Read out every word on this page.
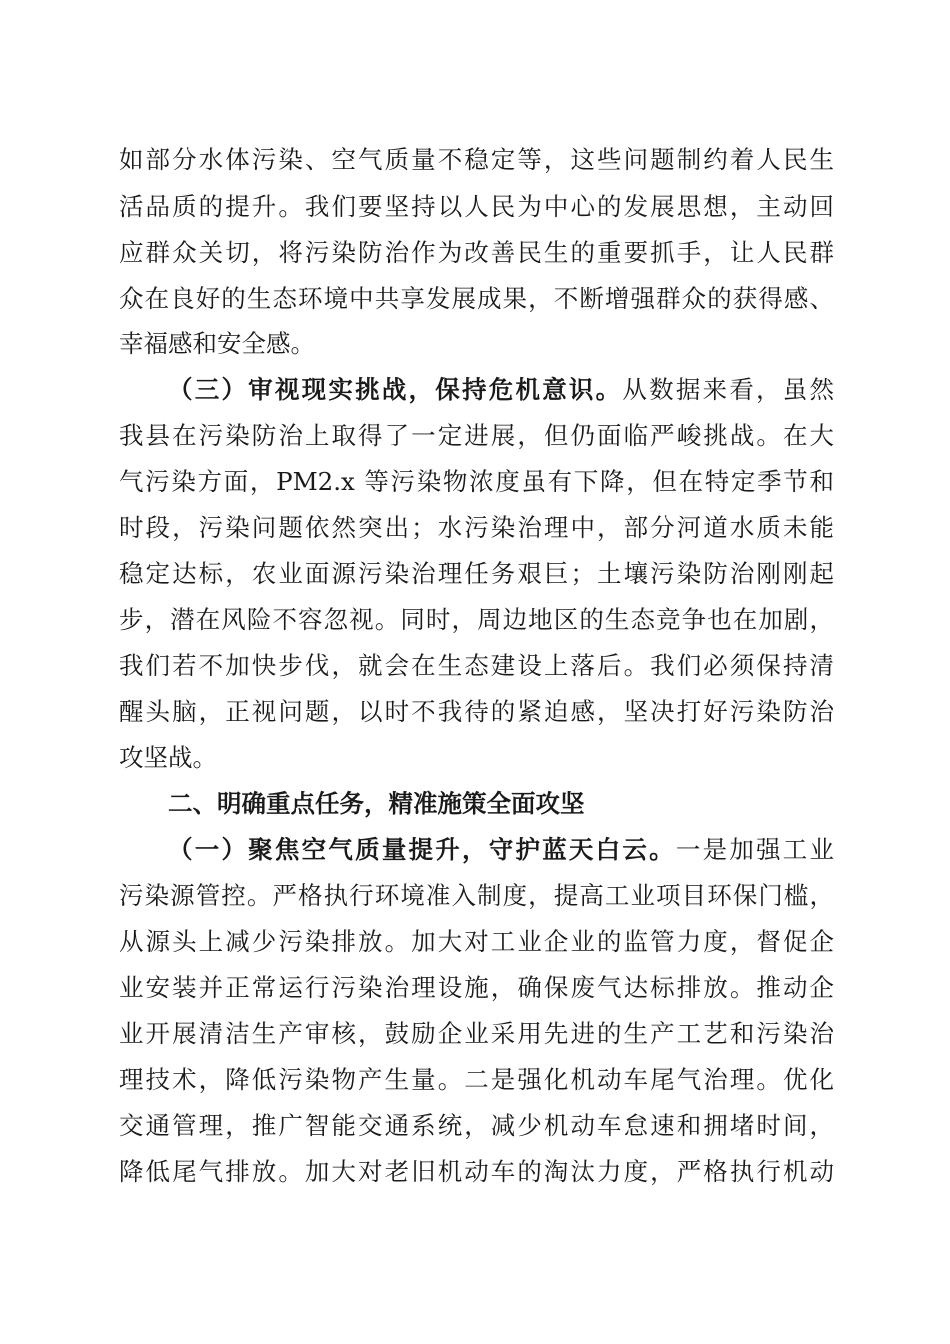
如部分水体污染、空气质量不稳定等，这些问题制约着人民生
活品质的提升。我们要坚持以人民为中心的发展思想，主动回
应群众关切，将污染防治作为改善民生的重要抓手，让人民群
众在良好的生态环境中共享发展成果，不断增强群众的获得感、
幸福感和安全感。
（三）审视现实挑战，保持危机意识。从数据来看，虽然
我县在污染防治上取得了一定进展，但仍面临严峻挑战。在大
气污染方面，PM2.x 等污染物浓度虽有下降，但在特定季节和
时段，污染问题依然突出；水污染治理中，部分河道水质未能
稳定达标，农业面源污染治理任务艰巨；土壤污染防治刚刚起
步，潜在风险不容忽视。同时，周边地区的生态竞争也在加剧，
我们若不加快步伐，就会在生态建设上落后。我们必须保持清
醒头脑，正视问题，以时不我待的紧迫感，坚决打好污染防治
攻坚战。
二、明确重点任务，精准施策全面攻坚
（一）聚焦空气质量提升，守护蓝天白云。一是加强工业
污染源管控。严格执行环境准入制度，提高工业项目环保门槛，
从源头上减少污染排放。加大对工业企业的监管力度，督促企
业安装并正常运行污染治理设施，确保废气达标排放。推动企
业开展清洁生产审核，鼓励企业采用先进的生产工艺和污染治
理技术，降低污染物产生量。二是强化机动车尾气治理。优化
交通管理，推广智能交通系统，减少机动车怠速和拥堵时间，
降低尾气排放。加大对老旧机动车的淘汰力度，严格执行机动
